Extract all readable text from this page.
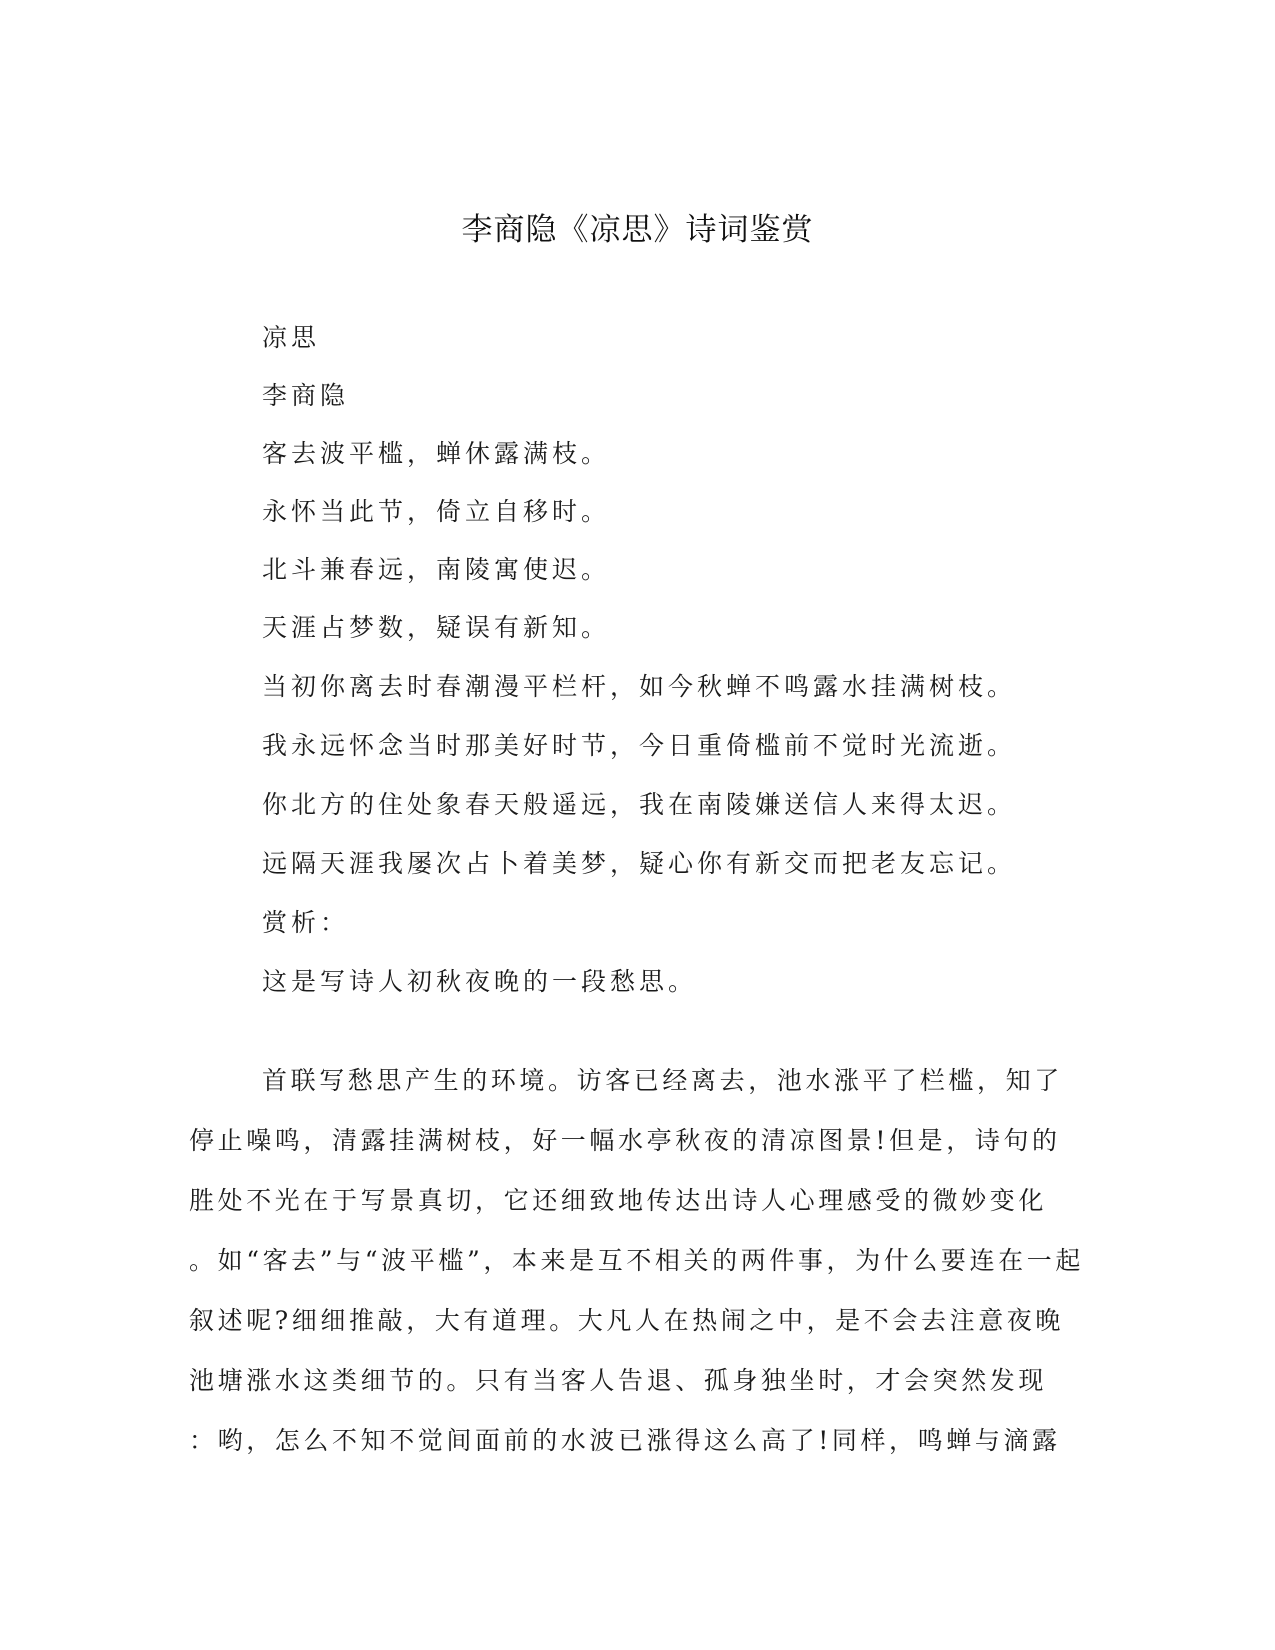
李商隐《凉思》诗词鉴赏
凉思
李商隐
客去波平槛，蝉休露满枝。
永怀当此节，倚立自移时。
北斗兼春远，南陵寓使迟。
天涯占梦数，疑误有新知。
当初你离去时春潮漫平栏杆，如今秋蝉不鸣露水挂满树枝。
我永远怀念当时那美好时节，今日重倚槛前不觉时光流逝。
你北方的住处象春天般遥远，我在南陵嫌送信人来得太迟。
远隔天涯我屡次占卜着美梦，疑心你有新交而把老友忘记。
赏析：
这是写诗人初秋夜晚的一段愁思。
首联写愁思产生的环境。访客已经离去，池水涨平了栏槛，知了
停止噪鸣，清露挂满树枝，好一幅水亭秋夜的清凉图景!但是，诗句的
胜处不光在于写景真切，它还细致地传达出诗人心理感受的微妙变化
。如“客去”与“波平槛”，本来是互不相关的两件事，为什么要连在一起
叙述呢?细细推敲，大有道理。大凡人在热闹之中，是不会去注意夜晚
池塘涨水这类细节的。只有当客人告退、孤身独坐时，才会突然发现
：哟，怎么不知不觉间面前的水波已涨得这么高了!同样，鸣蝉与滴露
